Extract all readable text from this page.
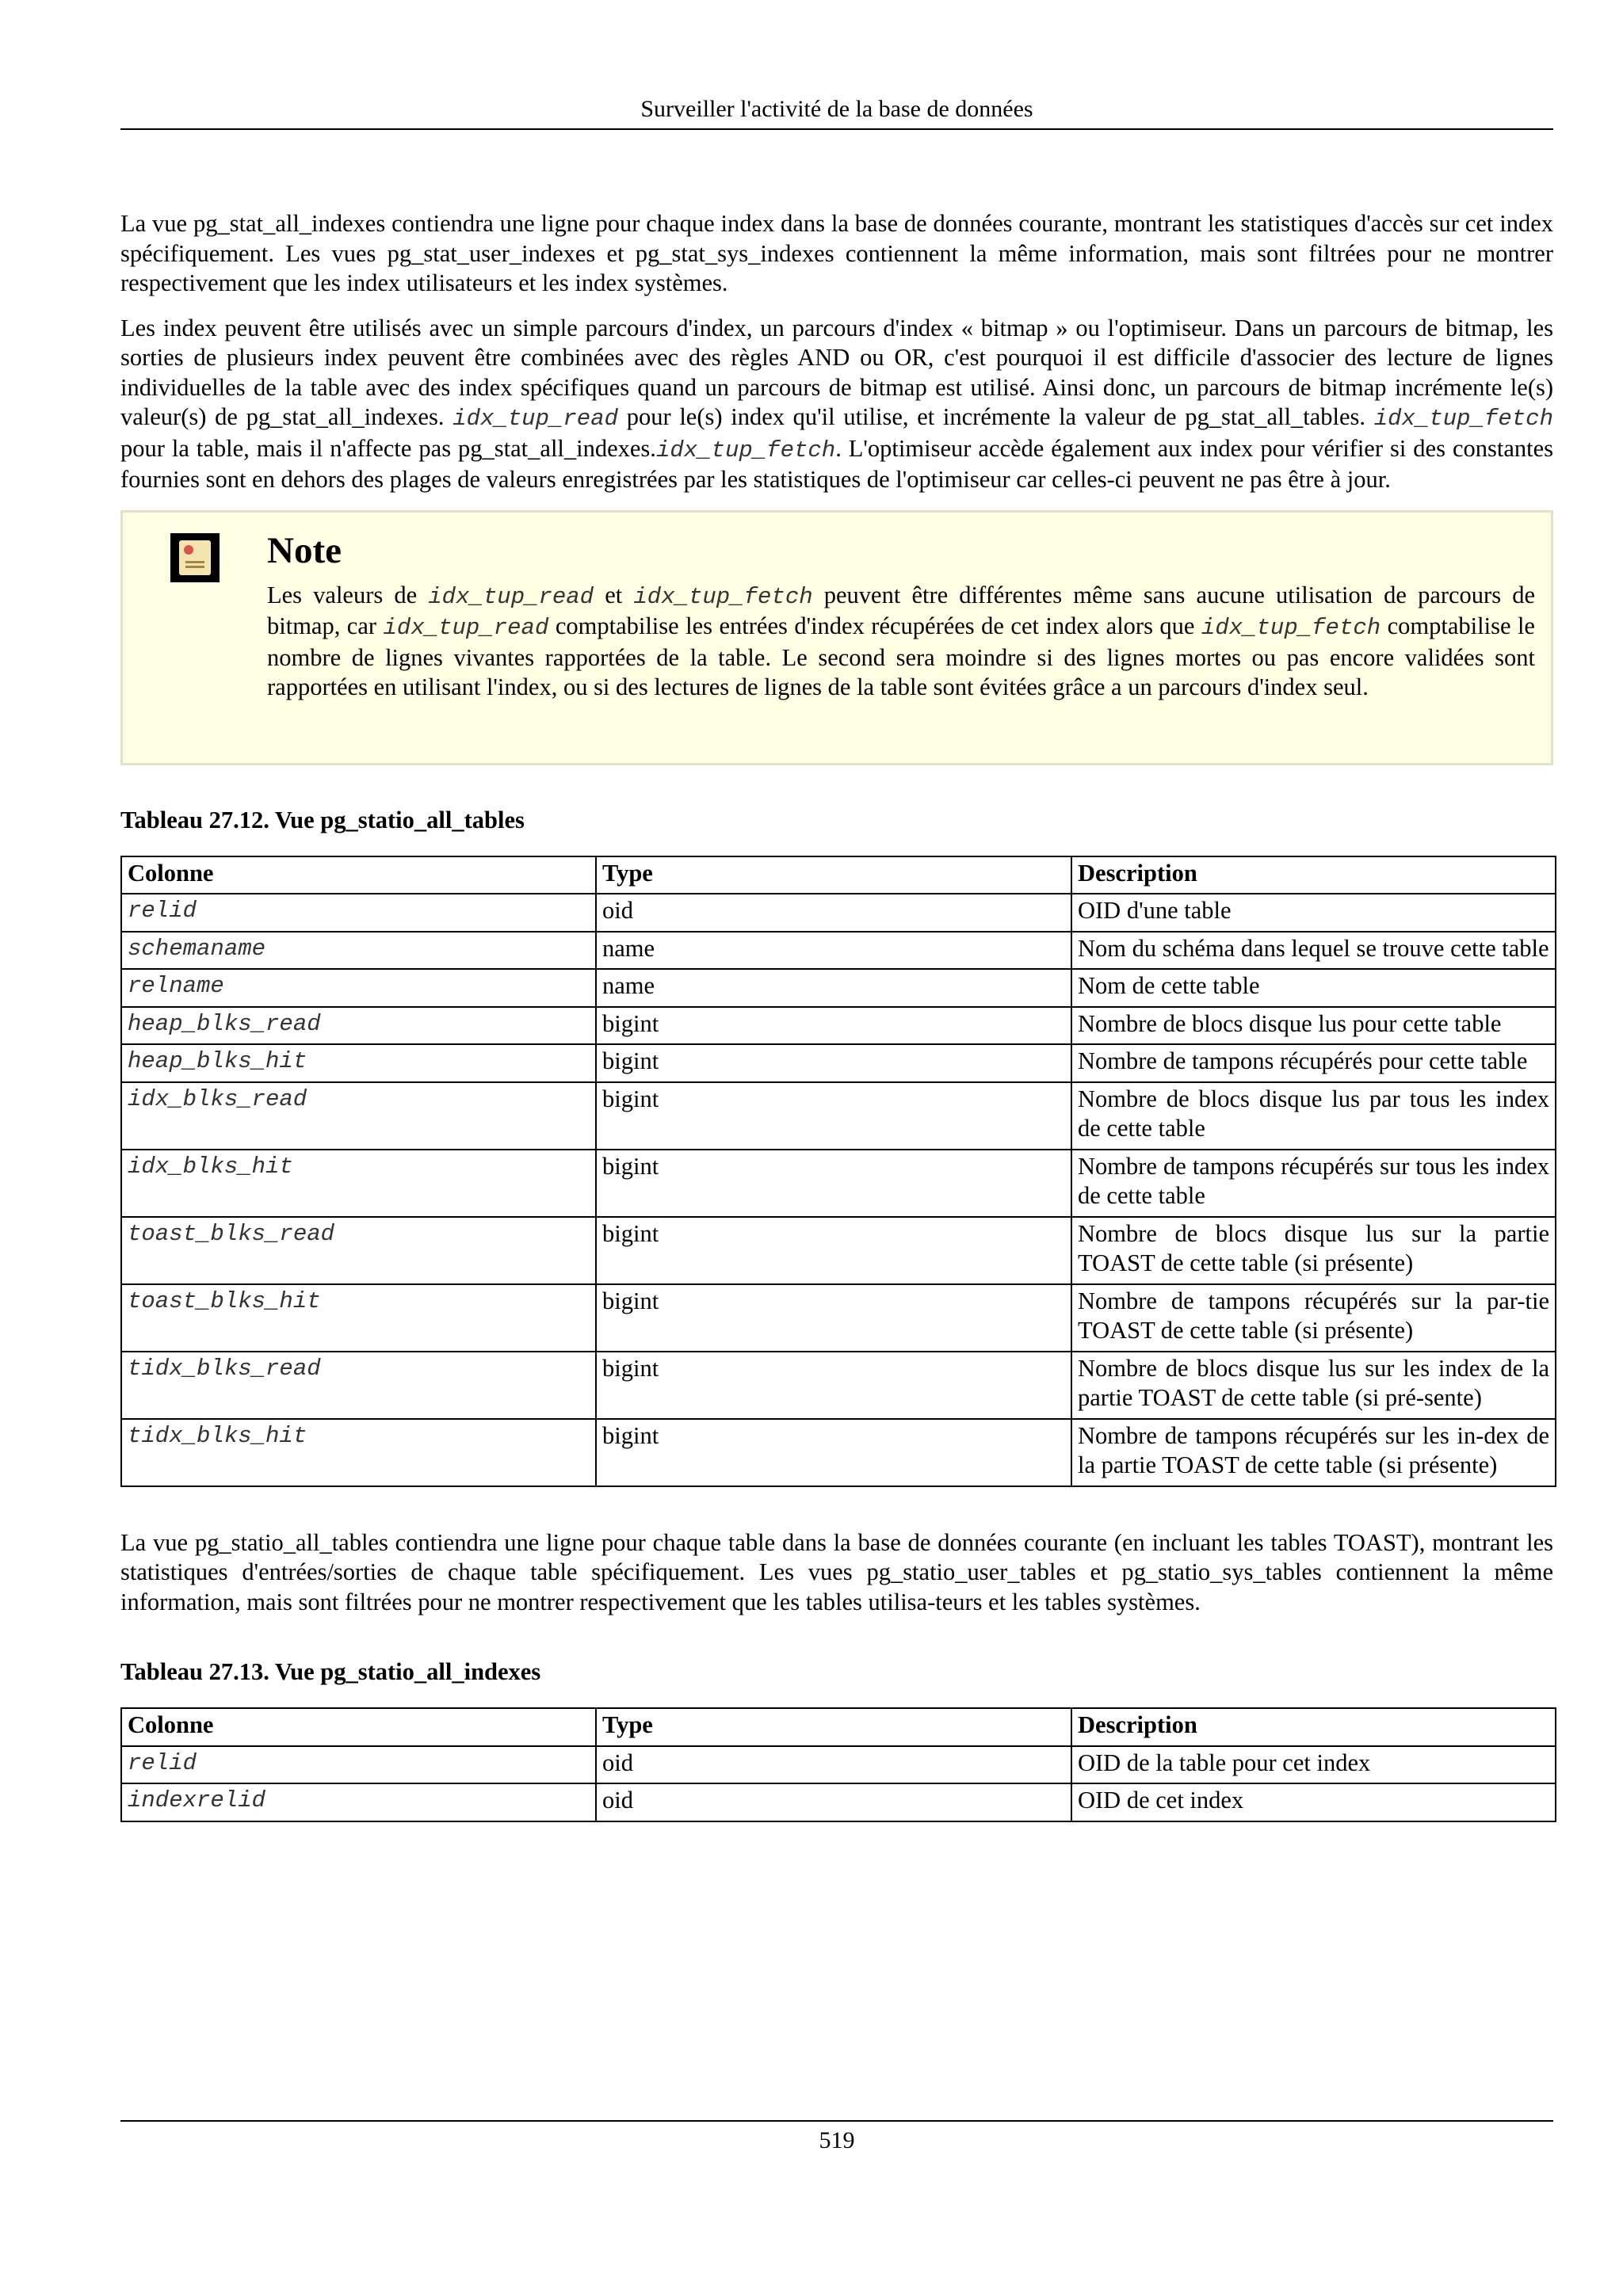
Surveiller l'activité de la base de données

La vue pg_stat_all_indexes contiendra une ligne pour chaque index dans la base de données courante, montrant les statistiques d'accès sur cet index spécifiquement. Les vues pg_stat_user_indexes et pg_stat_sys_indexes contiennent la même information, mais sont filtrées pour ne montrer respectivement que les index utilisateurs et les index systèmes.

Les index peuvent être utilisés avec un simple parcours d'index, un parcours d'index « bitmap » ou l'optimiseur. Dans un parcours de bitmap, les sorties de plusieurs index peuvent être combinées avec des règles AND ou OR, c'est pourquoi il est difficile d'associer des lecture de lignes individuelles de la table avec des index spécifiques quand un parcours de bitmap est utilisé. Ainsi donc, un parcours de bitmap incrémente le(s) valeur(s) de pg_stat_all_indexes. idx_tup_read pour le(s) index qu'il utilise, et incrémente la valeur de pg_stat_all_tables. idx_tup_fetch pour la table, mais il n'affecte pas pg_stat_all_indexes.idx_tup_fetch. L'optimiseur accède également aux index pour vérifier si des constantes fournies sont en dehors des plages de valeurs enregistrées par les statistiques de l'optimiseur car celles-ci peuvent ne pas être à jour.

Note

Les valeurs de idx_tup_read et idx_tup_fetch peuvent être différentes même sans aucune utilisation de parcours de bitmap, car idx_tup_read comptabilise les entrées d'index récupérées de cet index alors que idx_tup_fetch comptabilise le nombre de lignes vivantes rapportées de la table. Le second sera moindre si des lignes mortes ou pas encore validées sont rapportées en utilisant l'index, ou si des lectures de lignes de la table sont évitées grâce a un parcours d'index seul.

Tableau 27.12. Vue pg_statio_all_tables
Colonne	Type	Description
relid	oid	OID d'une table
schemaname	name	Nom du schéma dans lequel se trouve cette table
relname	name	Nom de cette table
heap_blks_read	bigint	Nombre de blocs disque lus pour cette table
heap_blks_hit	bigint	Nombre de tampons récupérés pour cette table
idx_blks_read	bigint	Nombre de blocs disque lus par tous les index de cette table
idx_blks_hit	bigint	Nombre de tampons récupérés sur tous les index de cette table
toast_blks_read	bigint	Nombre de blocs disque lus sur la partie TOAST de cette table (si présente)
toast_blks_hit	bigint	Nombre de tampons récupérés sur la par-tie TOAST de cette table (si présente)
tidx_blks_read	bigint	Nombre de blocs disque lus sur les index de la partie TOAST de cette table (si pré-sente)
tidx_blks_hit	bigint	Nombre de tampons récupérés sur les in-dex de la partie TOAST de cette table (si présente)

La vue pg_statio_all_tables contiendra une ligne pour chaque table dans la base de données courante (en incluant les tables TOAST), montrant les statistiques d'entrées/sorties de chaque table spécifiquement. Les vues pg_statio_user_tables et pg_statio_sys_tables contiennent la même information, mais sont filtrées pour ne montrer respectivement que les tables utilisa-teurs et les tables systèmes.

Tableau 27.13. Vue pg_statio_all_indexes
Colonne	Type	Description
relid	oid	OID de la table pour cet index
indexrelid	oid	OID de cet index
519
